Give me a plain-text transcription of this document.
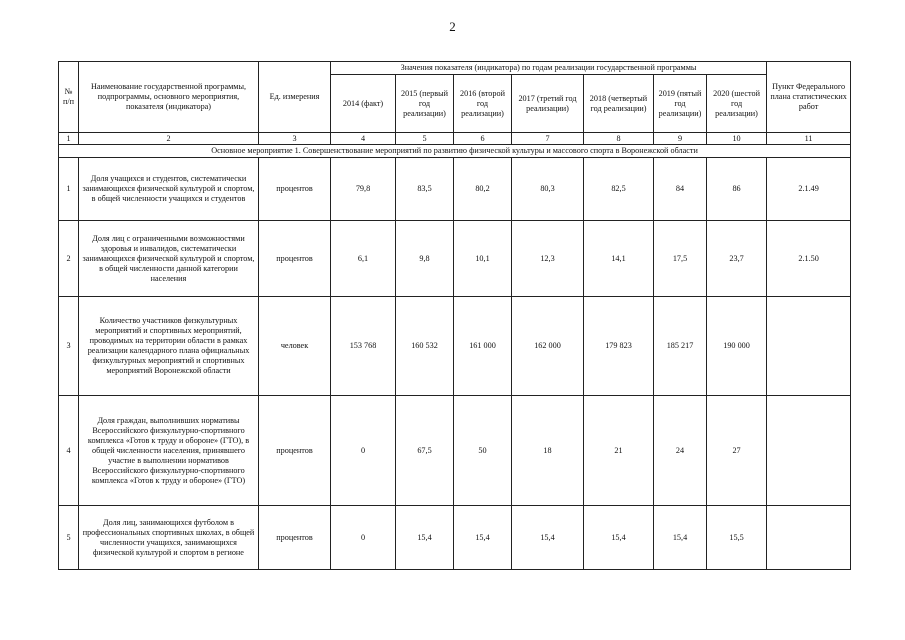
2
№ п/п	Наименование государственной программы, подпрограммы, основного мероприятия, показателя (индикатора)	Ед. измерения	Значения показателя (индикатора) по годам реализации государственной программы							Пункт Федерального плана статистических работ
			2014 (факт)	2015 (первый год реализации)	2016 (второй год реализации)	2017 (третий год реализации)	2018 (четвертый год реализации)	2019 (пятый год реализации)	2020 (шестой год реализации)	
1	2	3	4	5	6	7	8	9	10	11
Основное мероприятие 1. Совершенствование мероприятий по развитию физической культуры и массового спорта в Воронежской области										
1	Доля учащихся и студентов, систематически занимающихся физической культурой и спортом, в общей численности учащихся и студентов	процентов	79,8	83,5	80,2	80,3	82,5	84	86	2.1.49
2	Доля лиц с ограниченными возможностями здоровья и инвалидов, систематически занимающихся физической культурой и спортом, в общей численности данной категории населения	процентов	6,1	9,8	10,1	12,3	14,1	17,5	23,7	2.1.50
3	Количество участников физкультурных мероприятий и спортивных мероприятий, проводимых на территории области в рамках реализации календарного плана официальных физкультурных мероприятий и спортивных мероприятий Воронежской области	человек	153 768	160 532	161 000	162 000	179 823	185 217	190 000	
4	Доля граждан, выполнивших нормативы Всероссийского физкультурно-спортивного комплекса «Готов к труду и обороне» (ГТО), в общей численности населения, принявшего участие в выполнении нормативов Всероссийского физкультурно-спортивного комплекса «Готов к труду и обороне» (ГТО)	процентов	0	67,5	50	18	21	24	27	
5	Доля лиц, занимающихся футболом в профессиональных спортивных школах, в общей численности учащихся, занимающихся физической культурой и спортом в регионе	процентов	0	15,4	15,4	15,4	15,4	15,4	15,5	
